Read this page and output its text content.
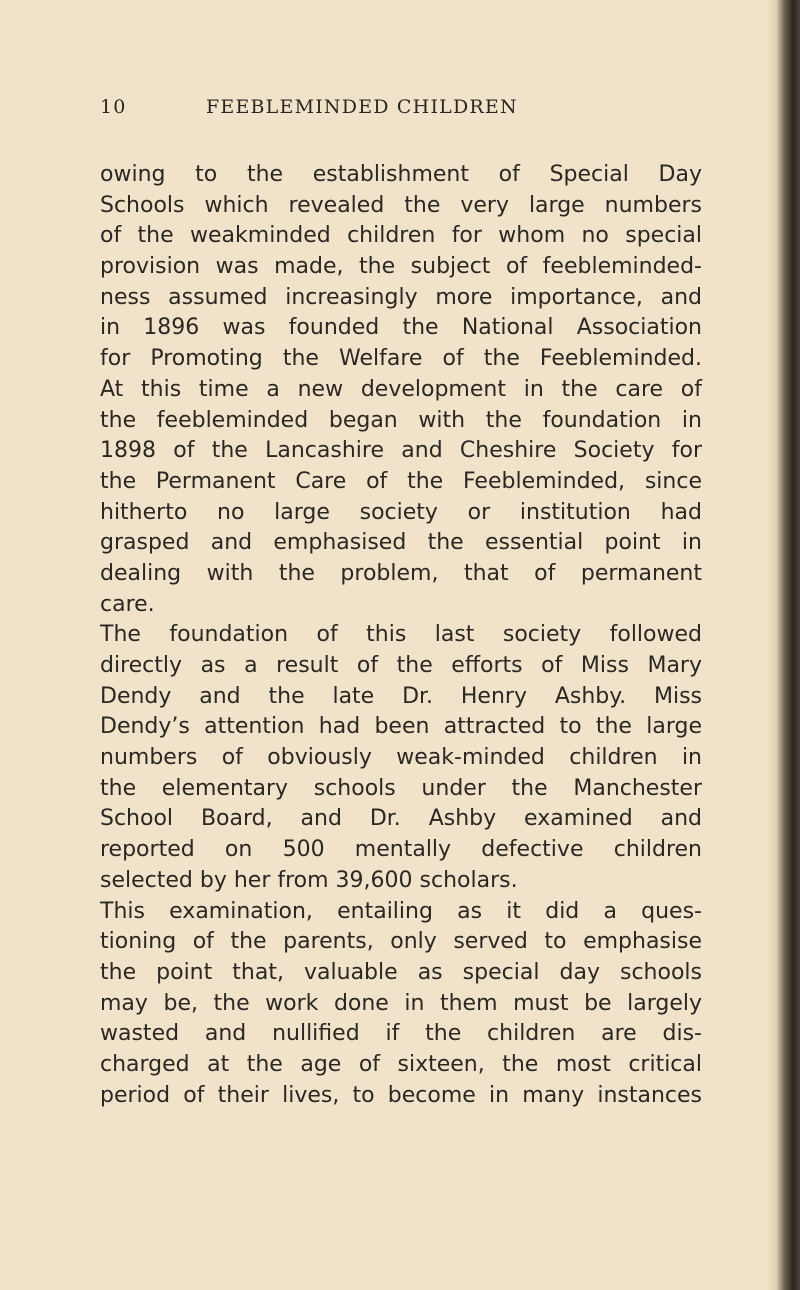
10	FEEBLEMINDED CHILDREN
owing to the establishment of Special Day
Schools which revealed the very large numbers
of the weakminded children for whom no special
provision was made, the subject of feebleminded-
ness assumed increasingly more importance, and
in 1896 was founded the National Association
for Promoting the Welfare of the Feebleminded.
At this time a new development in the care of
the feebleminded began with the foundation in
1898 of the Lancashire and Cheshire Society for
the Permanent Care of the Feebleminded, since
hitherto no large society or institution had
grasped and emphasised the essential point in
dealing with the problem, that of permanent
care.
The foundation of this last society followed
directly as a result of the efforts of Miss Mary
Dendy and the late Dr. Henry Ashby. Miss
Dendy’s attention had been attracted to the large
numbers of obviously weak-minded children in
the elementary schools under the Manchester
School Board, and Dr. Ashby examined and
reported on 500 mentally defective children
selected by her from 39,600 scholars.
This examination, entailing as it did a ques-
tioning of the parents, only served to emphasise
the point that, valuable as special day schools
may be, the work done in them must be largely
wasted and nullified if the children are dis-
charged at the age of sixteen, the most critical
period of their lives, to become in many instances
